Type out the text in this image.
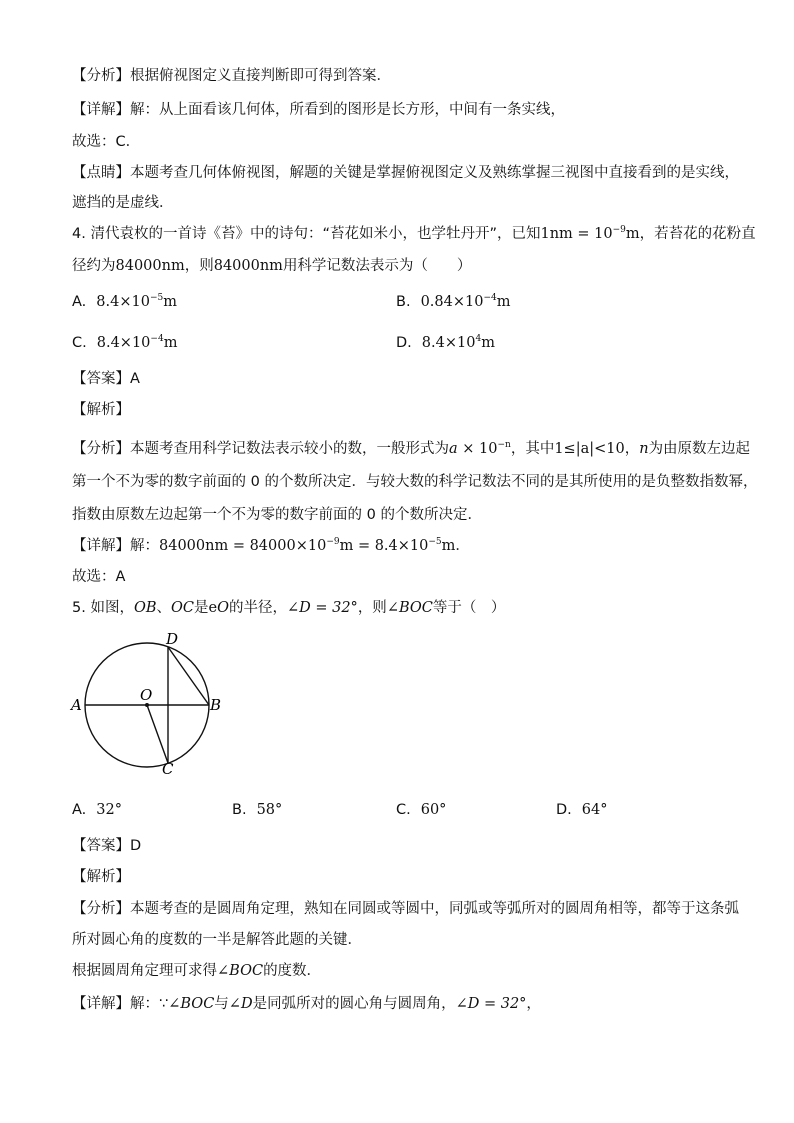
【分析】根据俯视图定义直接判断即可得到答案．
【详解】解：从上面看该几何体，所看到的图形是长方形，中间有一条实线，
故选：C．
【点睛】本题考查几何体俯视图，解题的关键是掌握俯视图定义及熟练掌握三视图中直接看到的是实线，
遮挡的是虚线．
4. 清代袁枚的一首诗《苔》中的诗句：“苔花如米小，也学牡丹开”，已知$1nm = 10^{-9}m$，若苔花的花粉直
径约为84000nm，则84000nm用科学记数法表示为（　　）
A. $8.4\times 10^{-5}m$	B. $0.84\times 10^{-4}m$
C. $8.4\times 10^{-4}m$	D. $8.4\times 10^4m$
【答案】A
【解析】
【分析】本题考查用科学记数法表示较小的数，一般形式为$a \times 10^{-n}$，其中1≤|a|<10，n为由原数左边起
第一个不为零的数字前面的 0 的个数所决定．与较大数的科学记数法不同的是其所使用的是负整数指数幂，
指数由原数左边起第一个不为零的数字前面的 0 的个数所决定．
【详解】解：$84000nm = 84000\times 10^{-9}m = 8.4\times 10^{-5}m$．
故选：A
5. 如图，OB、OC是eO的半径，∠D = 32°，则∠BOC等于（　）
A	B
C
D
O
A. 32°	B. 58°	C. 60°	D. 64°
【答案】D
【解析】
【分析】本题考查的是圆周角定理，熟知在同圆或等圆中，同弧或等弧所对的圆周角相等，都等于这条弧
所对圆心角的度数的一半是解答此题的关键．
根据圆周角定理可求得∠BOC的度数．
【详解】解：∵∠BOC与∠D是同弧所对的圆心角与圆周角，∠D = 32°，
